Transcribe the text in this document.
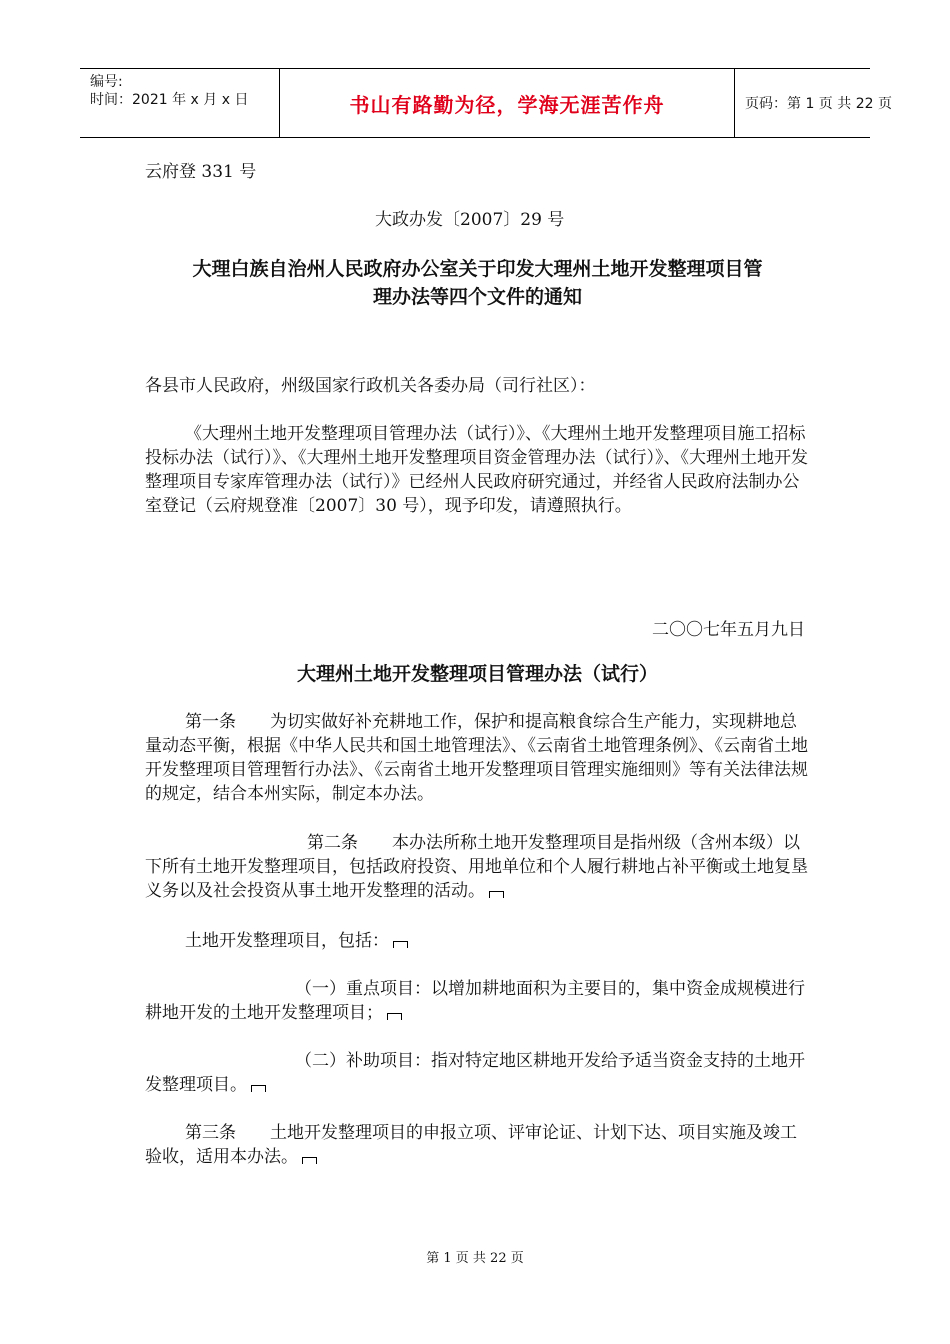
编号:
时间：2021 年 x 月 x 日	书山有路勤为径，学海无涯苦作舟	页码：第 1 页 共 22 页
云府登 331 号
大政办发〔2007〕29 号
大理白族自治州人民政府办公室关于印发大理州土地开发整理项目管
理办法等四个文件的通知
各县市人民政府，州级国家行政机关各委办局（司行社区）：
《大理州土地开发整理项目管理办法（试行）》、《大理州土地开发整理项目施工招标投标办法（试行）》、《大理州土地开发整理项目资金管理办法（试行）》、《大理州土地开发整理项目专家库管理办法（试行）》已经州人民政府研究通过，并经省人民政府法制办公室登记（云府规登准〔2007〕30 号），现予印发，请遵照执行。
二〇〇七年五月九日
大理州土地开发整理项目管理办法（试行）
第一条　　为切实做好补充耕地工作，保护和提高粮食综合生产能力，实现耕地总量动态平衡，根据《中华人民共和国土地管理法》、《云南省土地管理条例》、《云南省土地开发整理项目管理暂行办法》、《云南省土地开发整理项目管理实施细则》等有关法律法规的规定，结合本州实际，制定本办法。
第二条　　本办法所称土地开发整理项目是指州级（含州本级）以下所有土地开发整理项目，包括政府投资、用地单位和个人履行耕地占补平衡或土地复垦义务以及社会投资从事土地开发整理的活动。
土地开发整理项目，包括：
（一）重点项目：以增加耕地面积为主要目的，集中资金成规模进行耕地开发的土地开发整理项目；
（二）补助项目：指对特定地区耕地开发给予适当资金支持的土地开发整理项目。
第三条　　土地开发整理项目的申报立项、评审论证、计划下达、项目实施及竣工验收，适用本办法。
第 1 页 共 22 页
